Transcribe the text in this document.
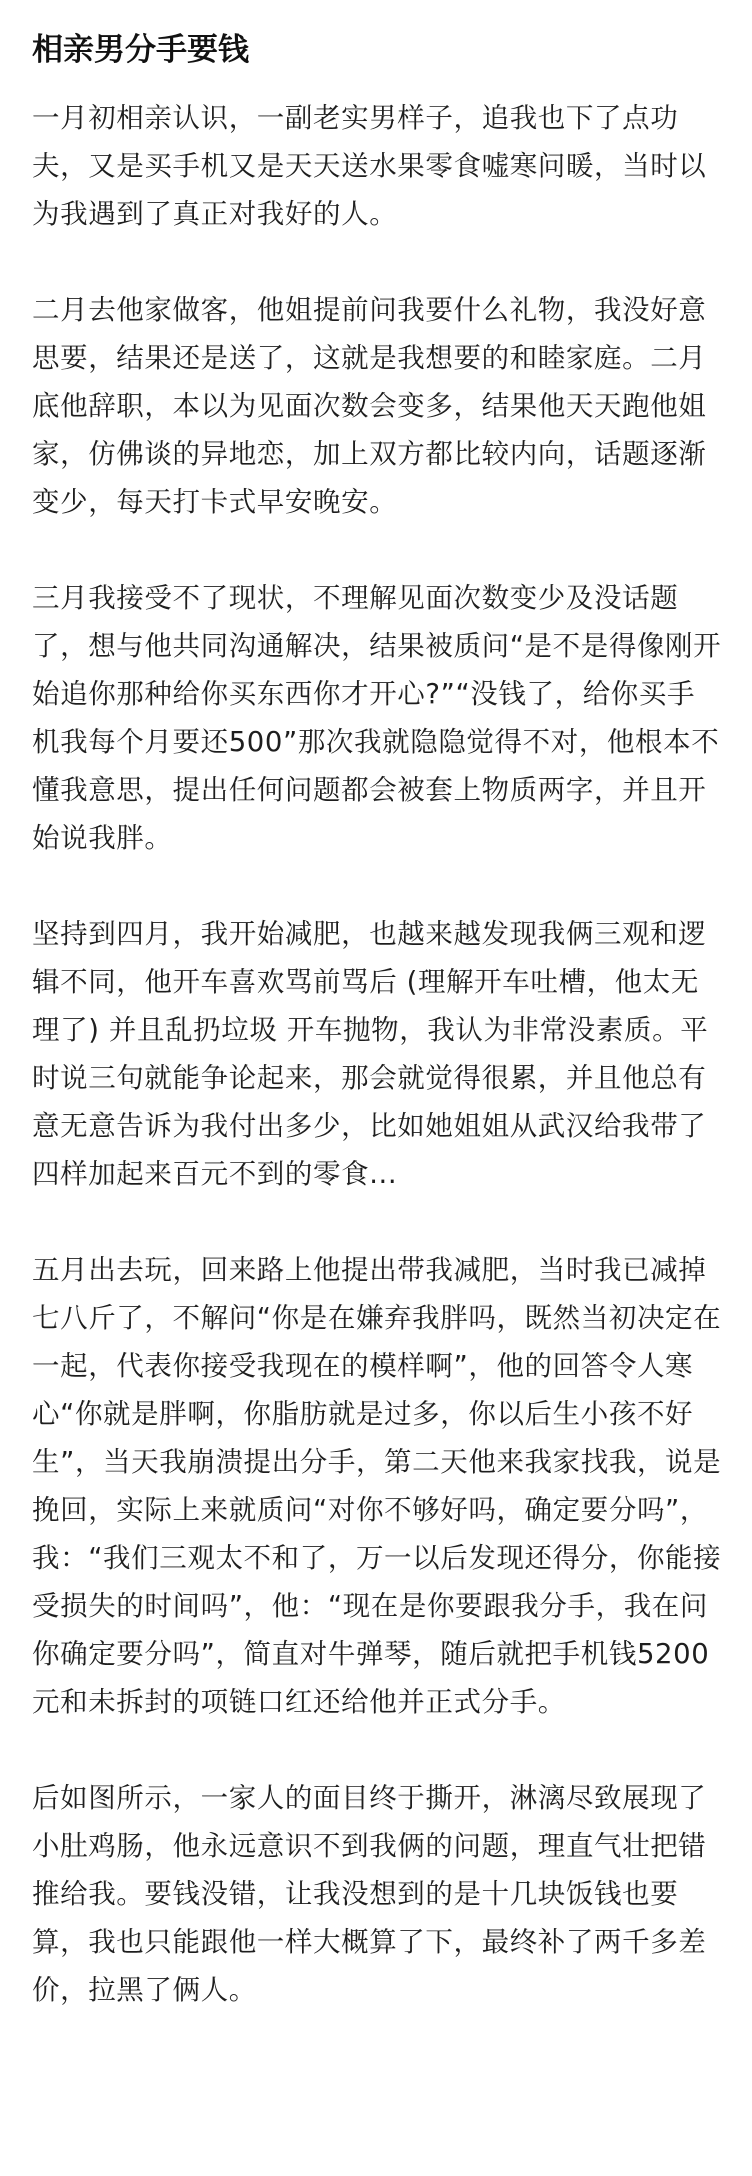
相亲男分手要钱

一月初相亲认识，一副老实男样子，追我也下了点功夫，又是买手机又是天天送水果零食嘘寒问暖，当时以为我遇到了真正对我好的人。

二月去他家做客，他姐提前问我要什么礼物，我没好意思要，结果还是送了，这就是我想要的和睦家庭。二月底他辞职，本以为见面次数会变多，结果他天天跑他姐家，仿佛谈的异地恋，加上双方都比较内向，话题逐渐变少，每天打卡式早安晚安。

三月我接受不了现状，不理解见面次数变少及没话题了，想与他共同沟通解决，结果被质问“是不是得像刚开始追你那种给你买东西你才开心?”“没钱了，给你买手机我每个月要还500”那次我就隐隐觉得不对，他根本不懂我意思，提出任何问题都会被套上物质两字，并且开始说我胖。

坚持到四月，我开始减肥，也越来越发现我俩三观和逻辑不同，他开车喜欢骂前骂后 (理解开车吐槽，他太无理了) 并且乱扔垃圾 开车抛物，我认为非常没素质。平时说三句就能争论起来，那会就觉得很累，并且他总有意无意告诉为我付出多少，比如她姐姐从武汉给我带了四样加起来百元不到的零食...

五月出去玩，回来路上他提出带我减肥，当时我已减掉七八斤了，不解问“你是在嫌弃我胖吗，既然当初决定在一起，代表你接受我现在的模样啊”，他的回答令人寒心“你就是胖啊，你脂肪就是过多，你以后生小孩不好生”，当天我崩溃提出分手，第二天他来我家找我，说是挽回，实际上来就质问“对你不够好吗，确定要分吗”，我：“我们三观太不和了，万一以后发现还得分，你能接受损失的时间吗”，他：“现在是你要跟我分手，我在问你确定要分吗”，简直对牛弹琴，随后就把手机钱5200元和未拆封的项链口红还给他并正式分手。

后如图所示，一家人的面目终于撕开，淋漓尽致展现了小肚鸡肠，他永远意识不到我俩的问题，理直气壮把错推给我。要钱没错，让我没想到的是十几块饭钱也要算，我也只能跟他一样大概算了下，最终补了两千多差价，拉黑了俩人。
